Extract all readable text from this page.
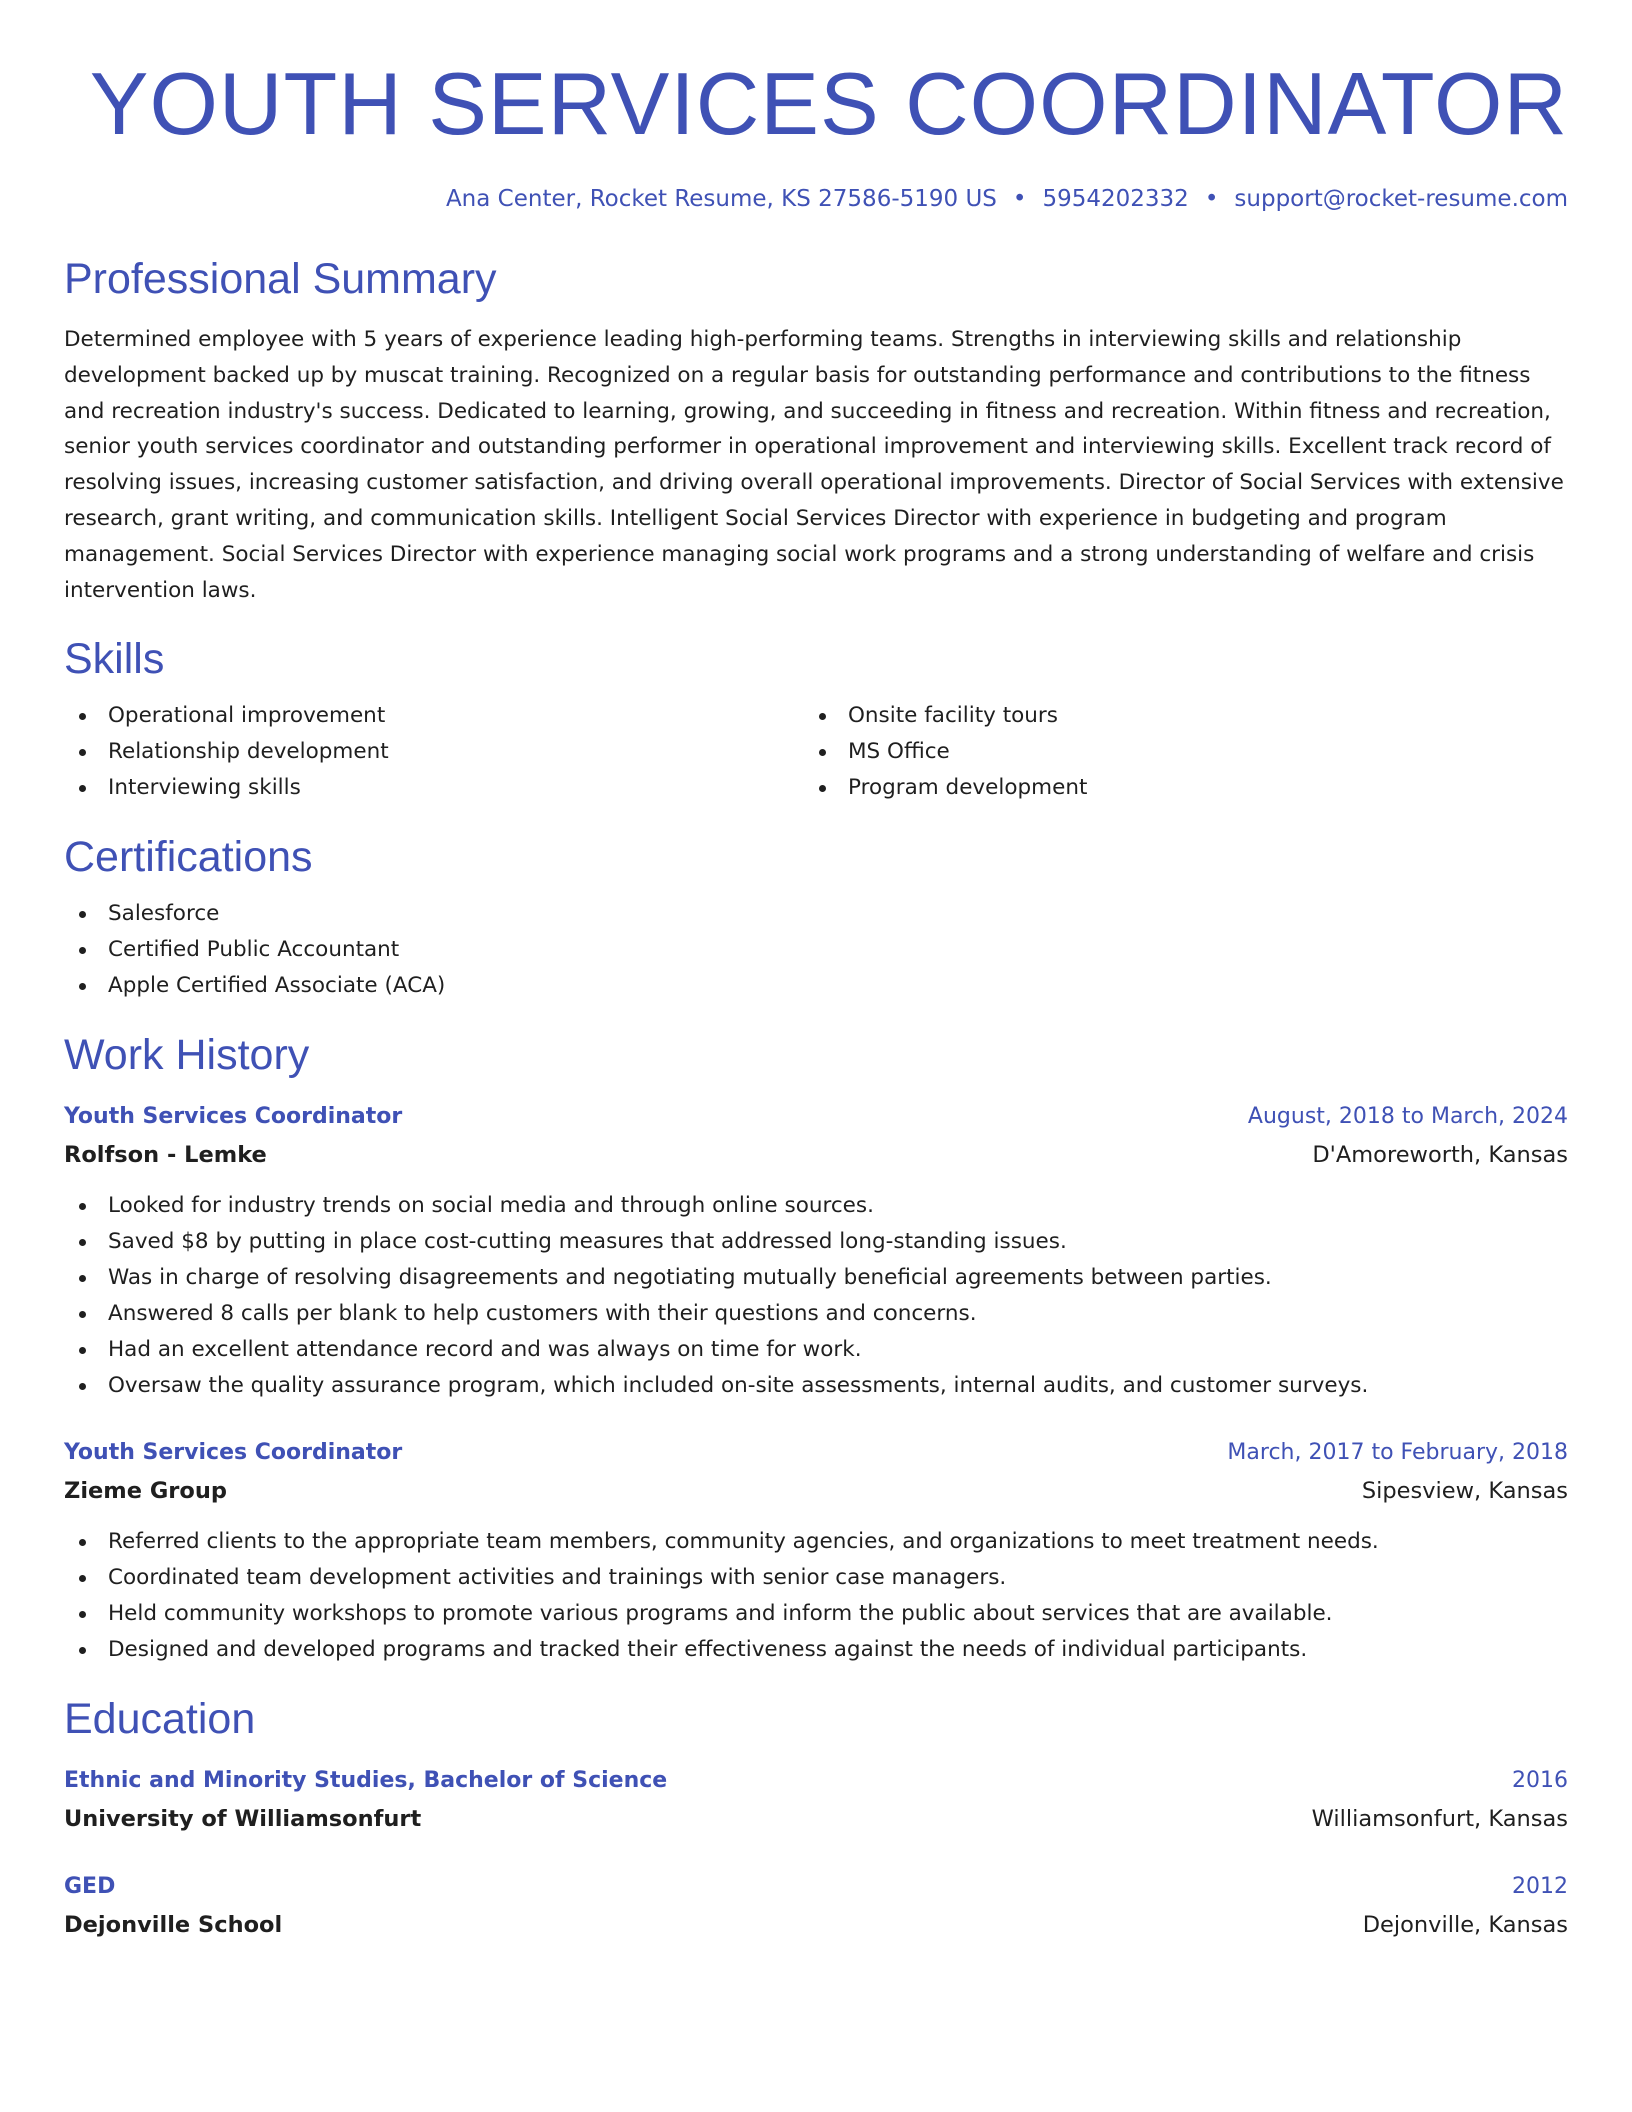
YOUTH SERVICES COORDINATOR
Ana Center, Rocket Resume, KS 27586-5190 US • 5954202332 • support@rocket-resume.com
Professional Summary

Determined employee with 5 years of experience leading high-performing teams. Strengths in interviewing skills and relationship development backed up by muscat training. Recognized on a regular basis for outstanding performance and contributions to the fitness and recreation industry's success. Dedicated to learning, growing, and succeeding in fitness and recreation. Within fitness and recreation, senior youth services coordinator and outstanding performer in operational improvement and interviewing skills. Excellent track record of resolving issues, increasing customer satisfaction, and driving overall operational improvements. Director of Social Services with extensive research, grant writing, and communication skills. Intelligent Social Services Director with experience in budgeting and program management. Social Services Director with experience managing social work programs and a strong understanding of welfare and crisis intervention laws.

Skills
Operational improvement
Relationship development
Interviewing skills
Onsite facility tours
MS Office
Program development
Certifications
Salesforce
Certified Public Accountant
Apple Certified Associate (ACA)
Work History
Youth Services Coordinator	August, 2018 to March, 2024
Rolfson - Lemke	D'Amoreworth, Kansas
Looked for industry trends on social media and through online sources.
Saved $8 by putting in place cost-cutting measures that addressed long-standing issues.
Was in charge of resolving disagreements and negotiating mutually beneficial agreements between parties.
Answered 8 calls per blank to help customers with their questions and concerns.
Had an excellent attendance record and was always on time for work.
Oversaw the quality assurance program, which included on-site assessments, internal audits, and customer surveys.
Youth Services Coordinator	March, 2017 to February, 2018
Zieme Group	Sipesview, Kansas
Referred clients to the appropriate team members, community agencies, and organizations to meet treatment needs.
Coordinated team development activities and trainings with senior case managers.
Held community workshops to promote various programs and inform the public about services that are available.
Designed and developed programs and tracked their effectiveness against the needs of individual participants.
Education
Ethnic and Minority Studies, Bachelor of Science	2016
University of Williamsonfurt	Williamsonfurt, Kansas
GED	2012
Dejonville School	Dejonville, Kansas
